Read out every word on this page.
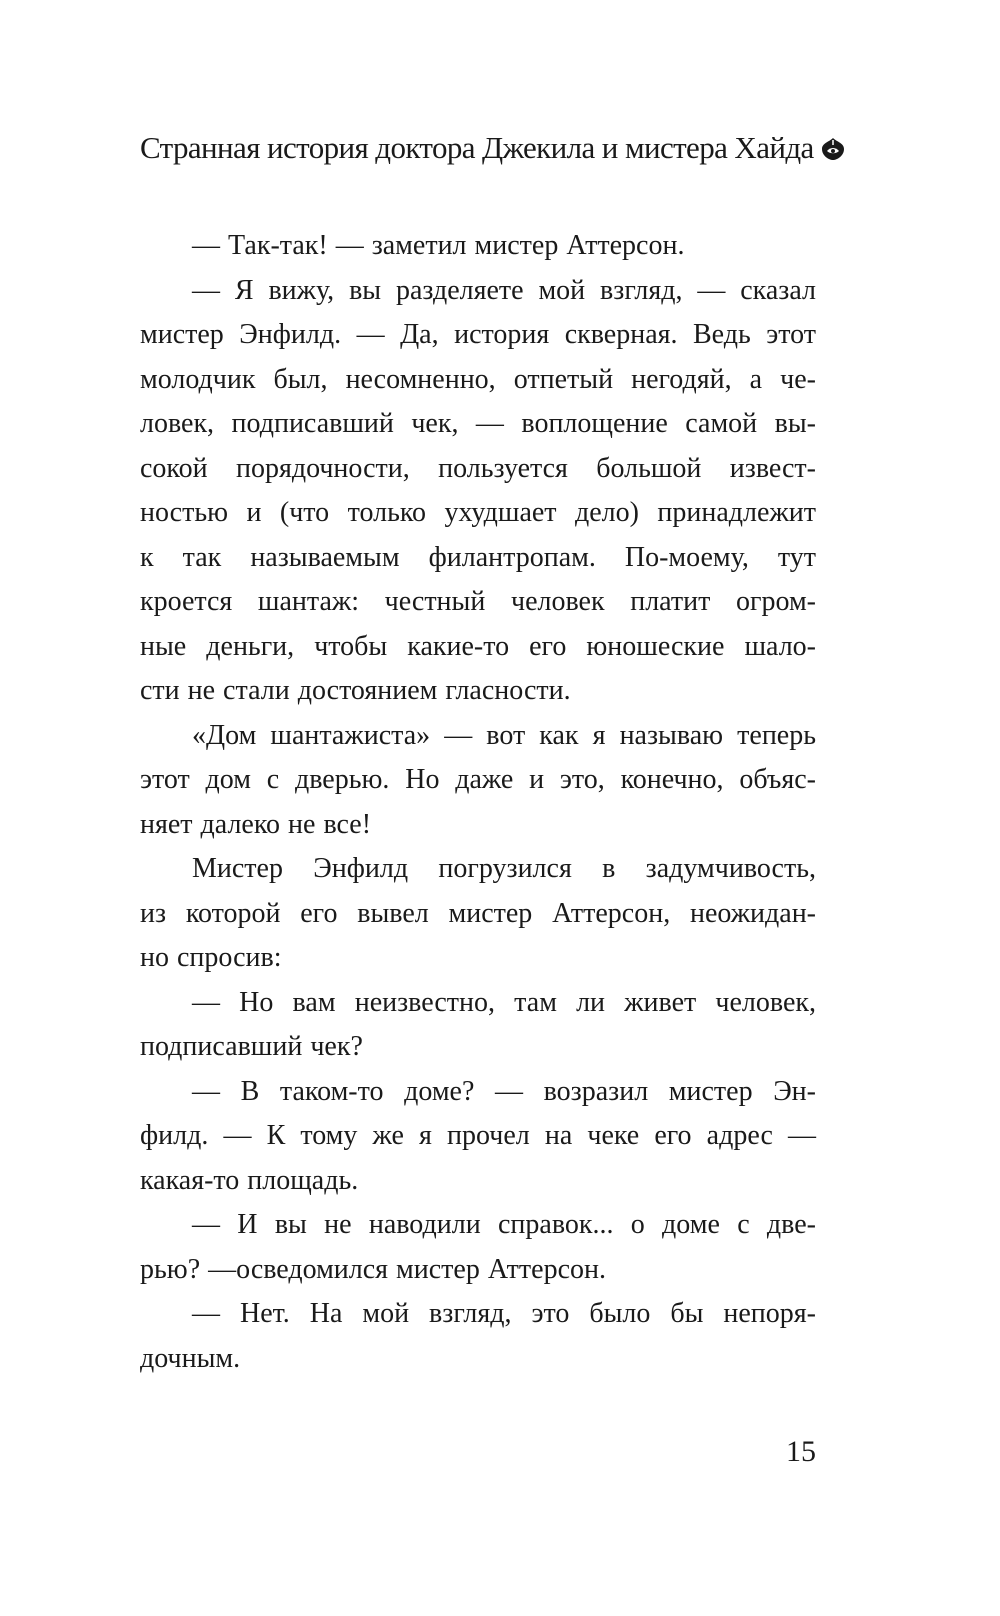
Странная история доктора Джекила и мистера Хайда
— Так-так! — заметил мистер Аттерсон.
— Я вижу, вы разделяете мой взгляд, — сказал
мистер Энфилд. — Да, история скверная. Ведь этот
молодчик был, несомненно, отпетый негодяй, а че-
ловек, подписавший чек, — воплощение самой вы-
сокой порядочности, пользуется большой извест-
ностью и (что только ухудшает дело) принадлежит
к так называемым филантропам. По-моему, тут
кроется шантаж: честный человек платит огром-
ные деньги, чтобы какие-то его юношеские шало-
сти не стали достоянием гласности.
«Дом шантажиста» — вот как я называю теперь
этот дом с дверью. Но даже и это, конечно, объяс-
няет далеко не все!
Мистер Энфилд погрузился в задумчивость,
из которой его вывел мистер Аттерсон, неожидан-
но спросив:
— Но вам неизвестно, там ли живет человек,
подписавший чек?
— В таком-то доме? — возразил мистер Эн-
филд. — К тому же я прочел на чеке его адрес —
какая-то площадь.
— И вы не наводили справок... о доме с две-
рью? —осведомился мистер Аттерсон.
— Нет. На мой взгляд, это было бы непоря-
дочным.
15
